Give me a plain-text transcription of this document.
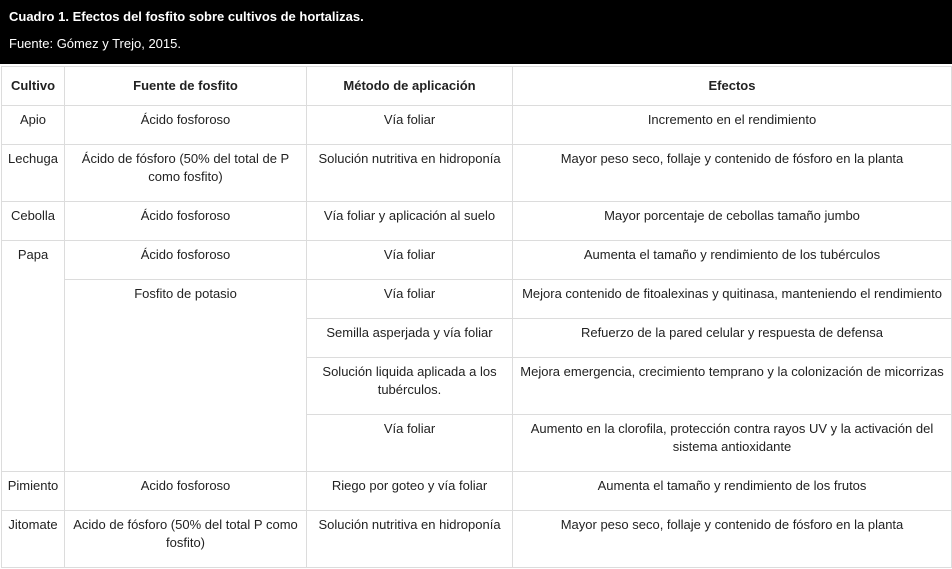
Cuadro 1. Efectos del fosfito sobre cultivos de hortalizas.
Fuente: Gómez y Trejo, 2015.
Cultivo	Fuente de fosfito	Método de aplicación	Efectos
Apio	Ácido fosforoso	Vía foliar	Incremento en el rendimiento
Lechuga	Ácido de fósforo (50% del total de P como fosfito)	Solución nutritiva en hidroponía	Mayor peso seco, follaje y contenido de fósforo en la planta
Cebolla	Ácido fosforoso	Vía foliar y aplicación al suelo	Mayor porcentaje de cebollas tamaño jumbo
Papa	Ácido fosforoso	Vía foliar	Aumenta el tamaño y rendimiento de los tubérculos
	Fosfito de potasio	Vía foliar	Mejora contenido de fitoalexinas y quitinasa, manteniendo el rendimiento
		Semilla asperjada y vía foliar	Refuerzo de la pared celular y respuesta de defensa
		Solución liquida aplicada a los tubérculos.	Mejora emergencia, crecimiento temprano y la colonización de micorrizas
		Vía foliar	Aumento en la clorofila, protección contra rayos UV y la activación del sistema antioxidante
Pimiento	Acido fosforoso	Riego por goteo y vía foliar	Aumenta el tamaño y rendimiento de los frutos
Jitomate	Acido de fósforo (50% del total P como fosfito)	Solución nutritiva en hidroponía	Mayor peso seco, follaje y contenido de fósforo en la planta
